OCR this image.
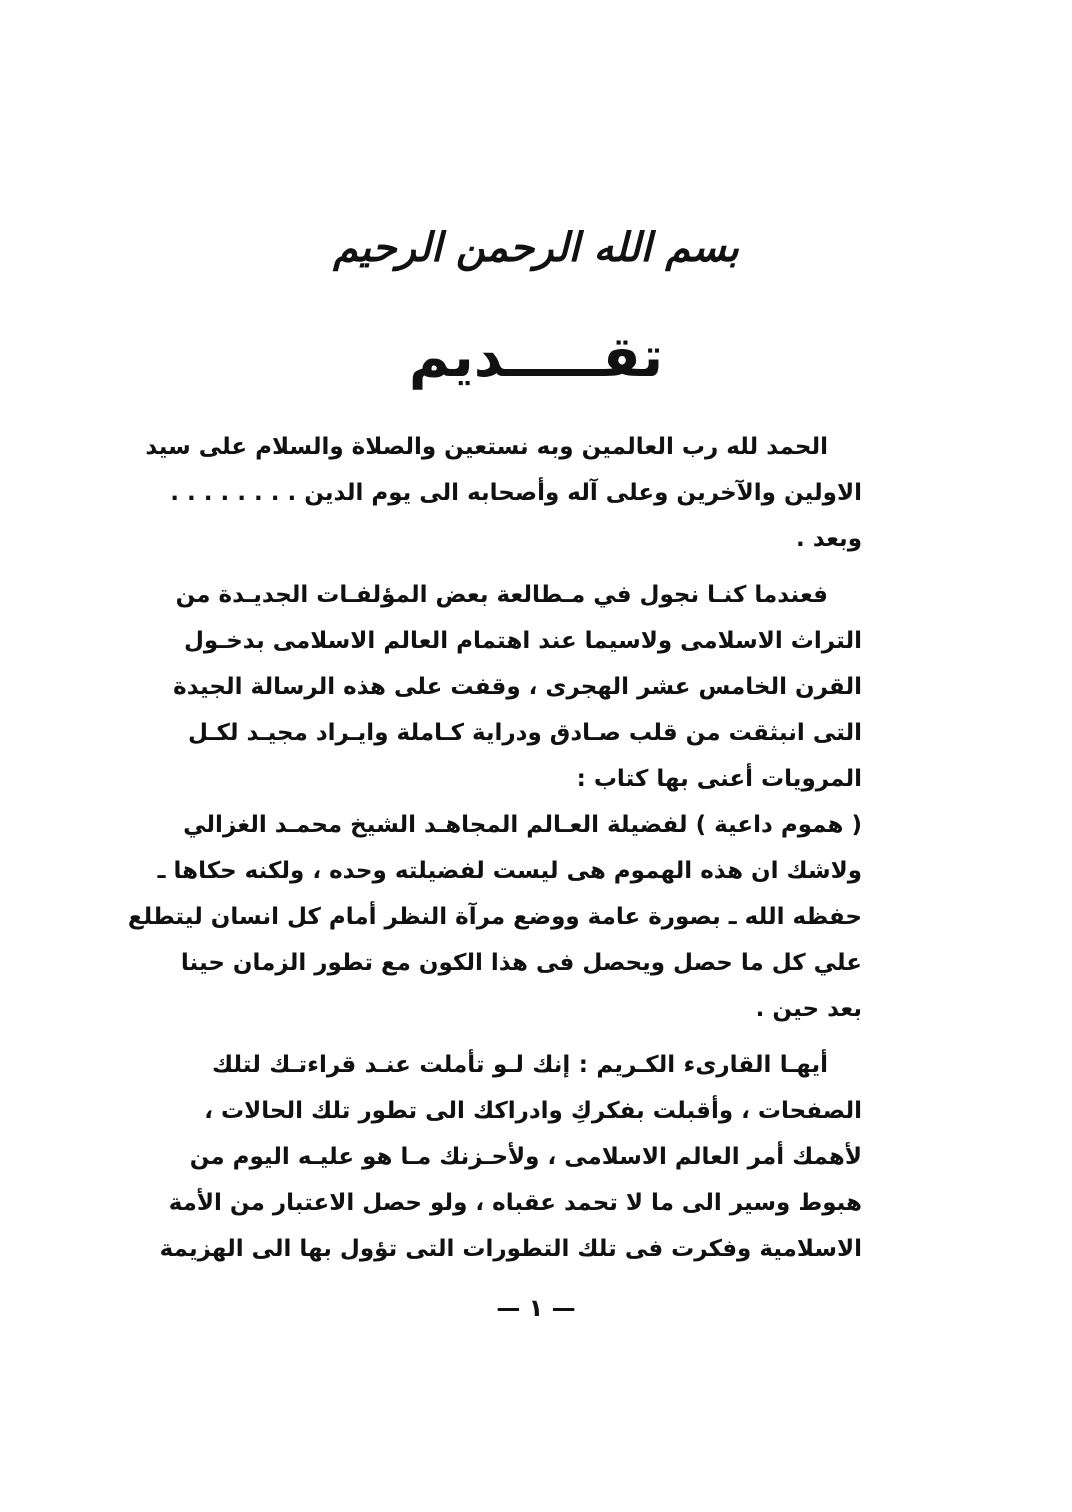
بسم الله الرحمن الرحيم
تقـــــديم
الحمد لله رب العالمين وبه نستعين والصلاة والسلام على سيد
الاولين والآخرين وعلى آله وأصحابه الى يوم الدين . . . . . . . .
وبعد .
فعندما كنـا نجول في مـطالعة بعض المؤلفـات الجديـدة من
التراث الاسلامى ولاسيما عند اهتمام العالم الاسلامى بدخـول
القرن الخامس عشر الهجرى ، وقفت على هذه الرسالة الجيدة
التى انبثقت من قلب صـادق ودراية كـاملة وايـراد مجيـد لكـل
المرويات أعنى بها كتاب :
( هموم داعية ) لفضيلة العـالم المجاهـد الشيخ محمـد الغزالي
ولاشك ان هذه الهموم هى ليست لفضيلته وحده ، ولكنه حكاها ـ
حفظه الله ـ بصورة عامة ووضع مرآة النظر أمام كل انسان ليتطلع
علي كل ما حصل ويحصل فى هذا الكون مع تطور الزمان حينا
بعد حين .
أيهـا القارىء الكـريم : إنك لـو تأملت عنـد قراءتـك لتلك
الصفحات ، وأقبلت بفكركِ وادراكك الى تطور تلك الحالات ،
لأهمك أمر العالم الاسلامى ، ولأحـزنك مـا هو عليـه اليوم من
هبوط وسير الى ما لا تحمد عقباه ، ولو حصل الاعتبار من الأمة
الاسلامية وفكرت فى تلك التطورات التى تؤول بها الى الهزيمة
— ١ —
